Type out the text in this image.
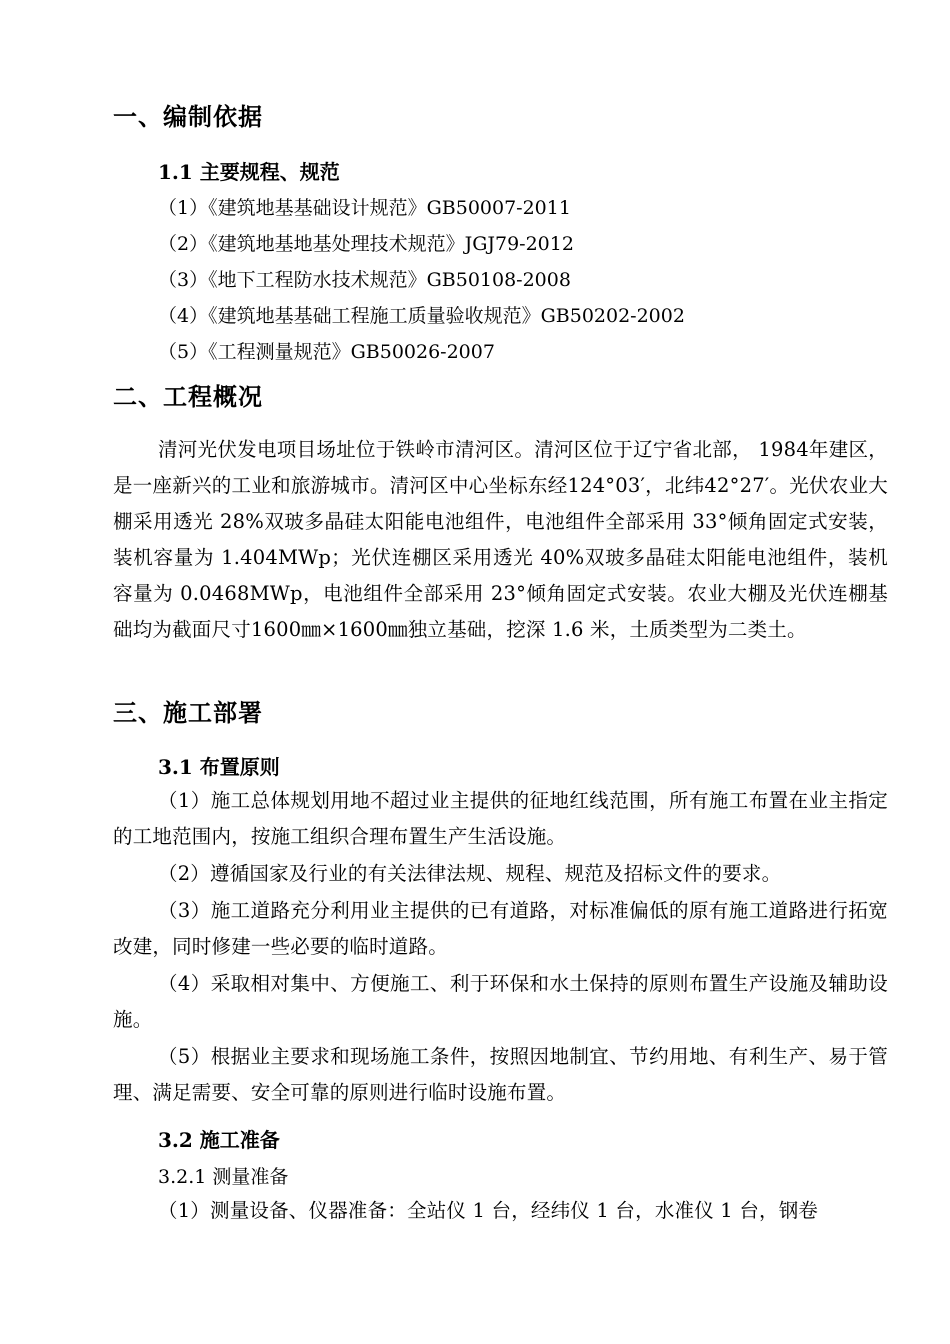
一、编制依据
1.1 主要规程、规范
（1）《建筑地基基础设计规范》GB50007-2011
（2）《建筑地基地基处理技术规范》JGJ79-2012
（3）《地下工程防水技术规范》GB50108-2008
（4）《建筑地基基础工程施工质量验收规范》GB50202-2002
（5）《工程测量规范》GB50026-2007
二、工程概况

清河光伏发电项目场址位于铁岭市清河区。清河区位于辽宁省北部， 1984年建区，是一座新兴的工业和旅游城市。清河区中心坐标东经124°03′，北纬42°27′。光伏农业大棚采用透光 28%双玻多晶硅太阳能电池组件，电池组件全部采用 33°倾角固定式安装，装机容量为 1.404MWp；光伏连棚区采用透光 40%双玻多晶硅太阳能电池组件，装机容量为 0.0468MWp，电池组件全部采用 23°倾角固定式安装。农业大棚及光伏连棚基础均为截面尺寸1600㎜×1600㎜独立基础，挖深 1.6 米，土质类型为二类土。

三、施工部署
3.1 布置原则

（1）施工总体规划用地不超过业主提供的征地红线范围，所有施工布置在业主指定的工地范围内，按施工组织合理布置生产生活设施。

（2）遵循国家及行业的有关法律法规、规程、规范及招标文件的要求。

（3）施工道路充分利用业主提供的已有道路，对标准偏低的原有施工道路进行拓宽改建，同时修建一些必要的临时道路。

（4）采取相对集中、方便施工、利于环保和水土保持的原则布置生产设施及辅助设施。

（5）根据业主要求和现场施工条件，按照因地制宜、节约用地、有利生产、易于管理、满足需要、安全可靠的原则进行临时设施布置。

3.2 施工准备
3.2.1 测量准备

（1）测量设备、仪器准备：全站仪 1 台，经纬仪 1 台，水准仪 1 台，钢卷
